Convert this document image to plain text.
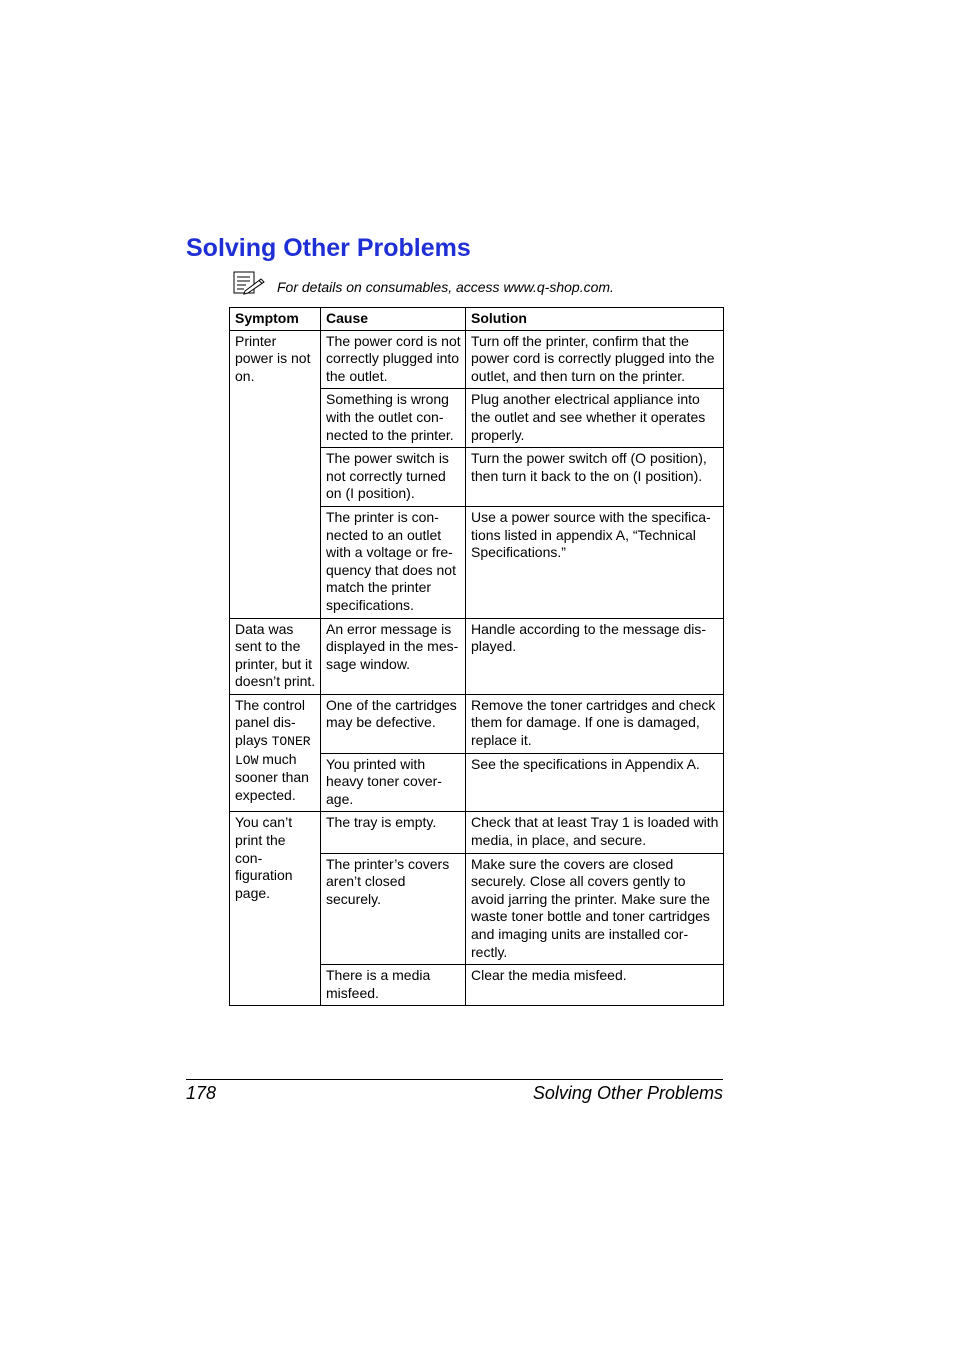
Solving Other Problems
For details on consumables, access www.q-shop.com.
Symptom	Cause	Solution
Printer power is not on.	The power cord is not correctly plugged into the outlet.	Turn off the printer, confirm that the power cord is correctly plugged into the outlet, and then turn on the printer.
	Something is wrong with the outlet con-nected to the printer.	Plug another electrical appliance into the outlet and see whether it operates properly.
	The power switch is not correctly turned on (I position).	Turn the power switch off (O position), then turn it back to the on (I position).
	The printer is con-nected to an outlet with a voltage or fre-quency that does not match the printer specifications.	Use a power source with the specifica-tions listed in appendix A, “Technical Specifications.”
Data was sent to the printer, but it doesn’t print.	An error message is displayed in the mes-sage window.	Handle according to the message dis-played.
The control panel dis-plays TONER LOW much sooner than expected.	One of the cartridges may be defective.	Remove the toner cartridges and check them for damage. If one is damaged, replace it.
	You printed with heavy toner cover-age.	See the specifications in Appendix A.
You can’t print the con-figuration page.	The tray is empty.	Check that at least Tray 1 is loaded with media, in place, and secure.
	The printer’s covers aren’t closed securely.	Make sure the covers are closed securely. Close all covers gently to avoid jarring the printer. Make sure the waste toner bottle and toner cartridges and imaging units are installed cor-rectly.
	There is a media misfeed.	Clear the media misfeed.
178	Solving Other Problems
